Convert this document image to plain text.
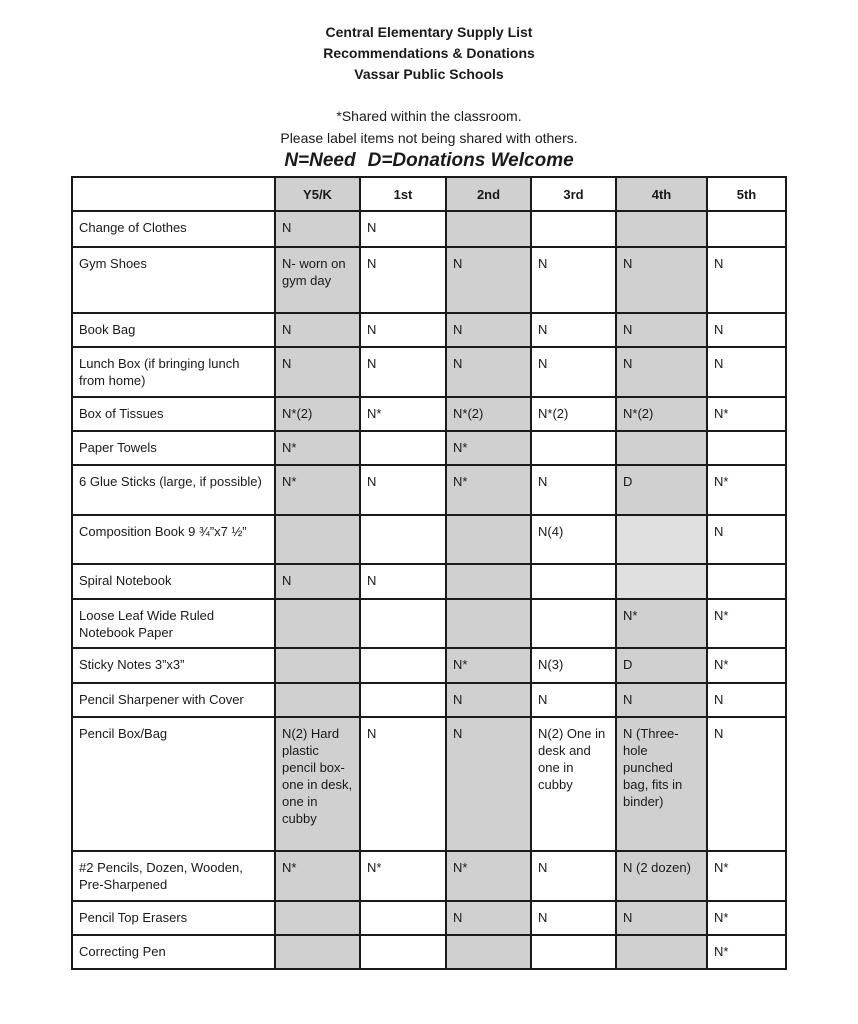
Central Elementary Supply List
Recommendations & Donations
Vassar Public Schools
*Shared within the classroom.
Please label items not being shared with others.
N=Need D=Donations Welcome
	Y5/K	1st	2nd	3rd	4th	5th
Change of Clothes	N	N				
Gym Shoes	N- worn on gym day	N	N	N	N	N
Book Bag	N	N	N	N	N	N
Lunch Box (if bringing lunch from home)	N	N	N	N	N	N
Box of Tissues	N*(2)	N*	N*(2)	N*(2)	N*(2)	N*
Paper Towels	N*		N*			
6 Glue Sticks (large, if possible)	N*	N	N*	N	D	N*
Composition Book 9 ¾”x7 ½”				N(4)		N
Spiral Notebook	N	N				
Loose Leaf Wide Ruled Notebook Paper					N*	N*
Sticky Notes 3”x3”			N*	N(3)	D	N*
Pencil Sharpener with Cover			N	N	N	N
Pencil Box/Bag	N(2) Hard plastic pencil box-one in desk, one in cubby	N	N	N(2) One in desk and one in cubby	N (Three-hole punched bag, fits in binder)	N
#2 Pencils, Dozen, Wooden, Pre-Sharpened	N*	N*	N*	N	N (2 dozen)	N*
Pencil Top Erasers			N	N	N	N*
Correcting Pen						N*
